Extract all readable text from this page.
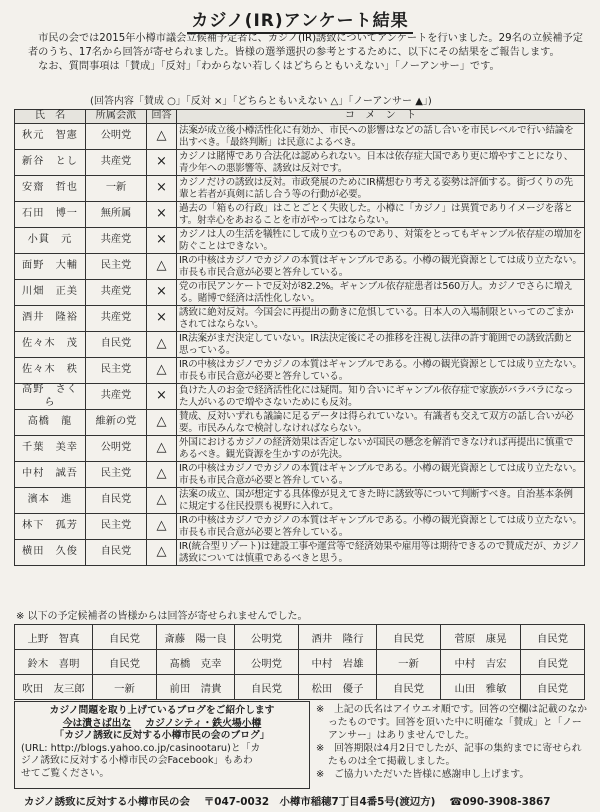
カジノ(IR)アンケート結果
　市民の会では2015年小樽市議会立候補予定者に、カジノ(IR)誘致についてアンケートを行いました。29名の立候補予定者のうち、17名から回答が寄せられました。皆様の選挙選択の参考とするために、以下にその結果をご報告します。
　なお、質問事項は「賛成」「反対」「わからない若しくはどちらともいえない」「ノーアンサー」です。
(回答内容「賛成 ○」「反対 ×」「どちらともいえない △」「ノーアンサー ▲」)
氏　名	所属会派	回答	コ　メ　ン　ト
秋元　智憲	公明党	△	法案が成立後小樽活性化に有効か、市民への影響はなどの話し合いを市民レベルで行い結論を出すべき。「最終判断」は民意によるべき。
新谷　とし	共産党	×	カジノは賭博であり合法化は認められない。日本は依存症大国であり更に増やすことになり、青少年への悪影響等、誘致は反対です。
安齋　哲也	一新	×	カジノだけの誘致は反対。市政発展のためにIR構想むり考える姿勢は評価する。街づくりの先輩と若者が真剣に話し合う等の行動が必要。
石田　博一	無所属	×	過去の「箱もの行政」はことごとく失敗した。小樽に「カジノ」は異質でありイメージを落とす。射幸心をあおることを市がやってはならない。
小貫　元	共産党	×	カジノは人の生活を犠牲にして成り立つものであり、対策をとってもギャンブル依存症の増加を防ぐことはできない。
面野　大輔	民主党	△	IRの中核はカジノでカジノの本質はギャンブルである。小樽の観光資源としては成り立たない。市長も市民合意が必要と答弁している。
川畑　正美	共産党	×	党の市民アンケートで反対が82.2%。ギャンブル依存症患者は560万人。カジノでさらに増える。賭博で経済は活性化しない。
酒井　隆裕	共産党	×	誘致に絶対反対。今国会に再提出の動きに危惧している。日本人の入場制限といってのごまかされてはならない。
佐々木　茂	自民党	△	IR法案がまだ決定していない。IR法決定後にその推移を注視し法律の許す範囲での誘致活動と思っている。
佐々木　秩	民主党	△	IRの中核はカジノでカジノの本質はギャンブルである。小樽の観光資源としては成り立たない。市長も市民合意が必要と答弁している。
高野　さくら	共産党	×	負けた人のお金で経済活性化には疑問。知り合いにギャンブル依存症で家族がバラバラになった人がいるので増やさないためにも反対。
高橋　龍	維新の党	△	賛成、反対いずれも議論に足るデータは得られていない。有識者も交えて双方の話し合いが必要。市民みんなで検討しなければならない。
千葉　美幸	公明党	△	外国におけるカジノの経済効果は否定しないが国民の懸念を解消できなければ再提出に慎重であるべき。観光資源を生かすのが先決。
中村　誠吾	民主党	△	IRの中核はカジノでカジノの本質はギャンブルである。小樽の観光資源としては成り立たない。市長も市民合意が必要と答弁している。
濱本　進	自民党	△	法案の成立、国が想定する具体像が見えてきた時に誘致等について判断すべき。自治基本条例に規定する住民投票も視野に入れて。
林下　孤芳	民主党	△	IRの中核はカジノでカジノの本質はギャンブルである。小樽の観光資源としては成り立たない。市長も市民合意が必要と答弁している。
横田　久俊	自民党	△	IR(統合型リゾート)は建設工事や運営等で経済効果や雇用等は期待できるので賛成だが、カジノ誘致については慎重であるべきと思う。
※ 以下の予定候補者の皆様からは回答が寄せられませんでした。
上野　智真	自民党	斎藤　陽一良	公明党	酒井　隆行	自民党	菅原　康晃	自民党
鈴木　喜明	自民党	髙橋　克幸	公明党	中村　岩雄	一新	中村　吉宏	自民党
吹田　友三郎	一新	前田　清貴	自民党	松田　優子	自民党	山田　雅敏	自民党
カジノ問題を取り上げているブログをご紹介します
今は潰さば出な カジノシティ・鉄火場小樽
「カジノ誘致に反対する小樽市民の会のブログ」
(URL: http://blogs.yahoo.co.jp/casinootaru)と「カ
ジノ誘致に反対する小樽市民の会Facebook」もあわ
せてご覧ください。
※　上記の氏名はアイウエオ順です。回答の空欄は記載のなかったものです。回答を頂いた中に明確な「賛成」と「ノーアンサー」はありませんでした。
※　回答期限は4月2日でしたが、記事の集約までに寄せられたものは全て掲載しました。
※　ご協力いただいた皆様に感謝申し上げます。
カジノ誘致に反対する小樽市民の会 〒047-0032　小樽市稲穂7丁目4番5号(渡辺方) ☎090-3908-3867
